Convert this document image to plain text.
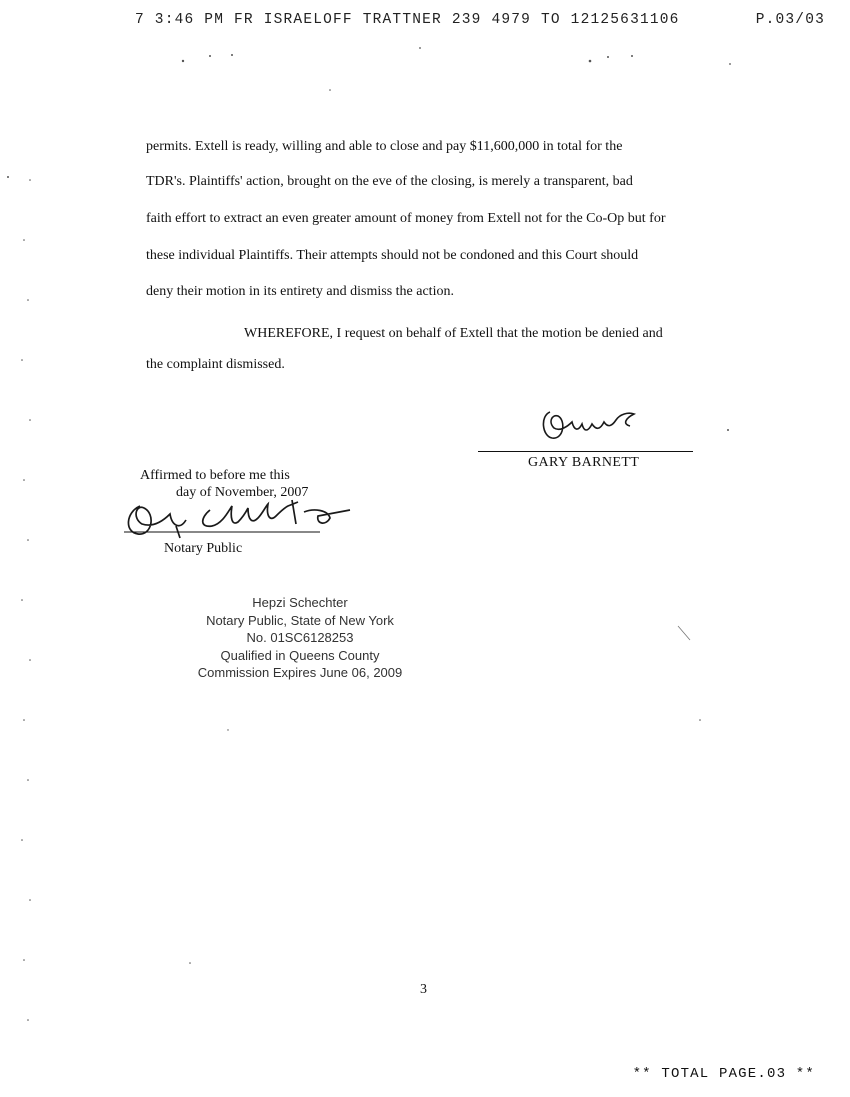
7 3:46 PM FR ISRAELOFF TRATTNER 239 4979 TO 12125631106	P.03/03
permits. Extell is ready, willing and able to close and pay $11,600,000 in total for the
TDR's. Plaintiffs' action, brought on the eve of the closing, is merely a transparent, bad
faith effort to extract an even greater amount of money from Extell not for the Co-Op but for
these individual Plaintiffs. Their attempts should not be condoned and this Court should
deny their motion in its entirety and dismiss the action.
WHEREFORE, I request on behalf of Extell that the motion be denied and
the complaint dismissed.
GARY BARNETT
Affirmed to before me this
day of November, 2007
Notary Public
Hepzi Schechter
Notary Public, State of New York
No. 01SC6128253
Qualified in Queens County
Commission Expires June 06, 2009
3
** TOTAL PAGE.03 **
